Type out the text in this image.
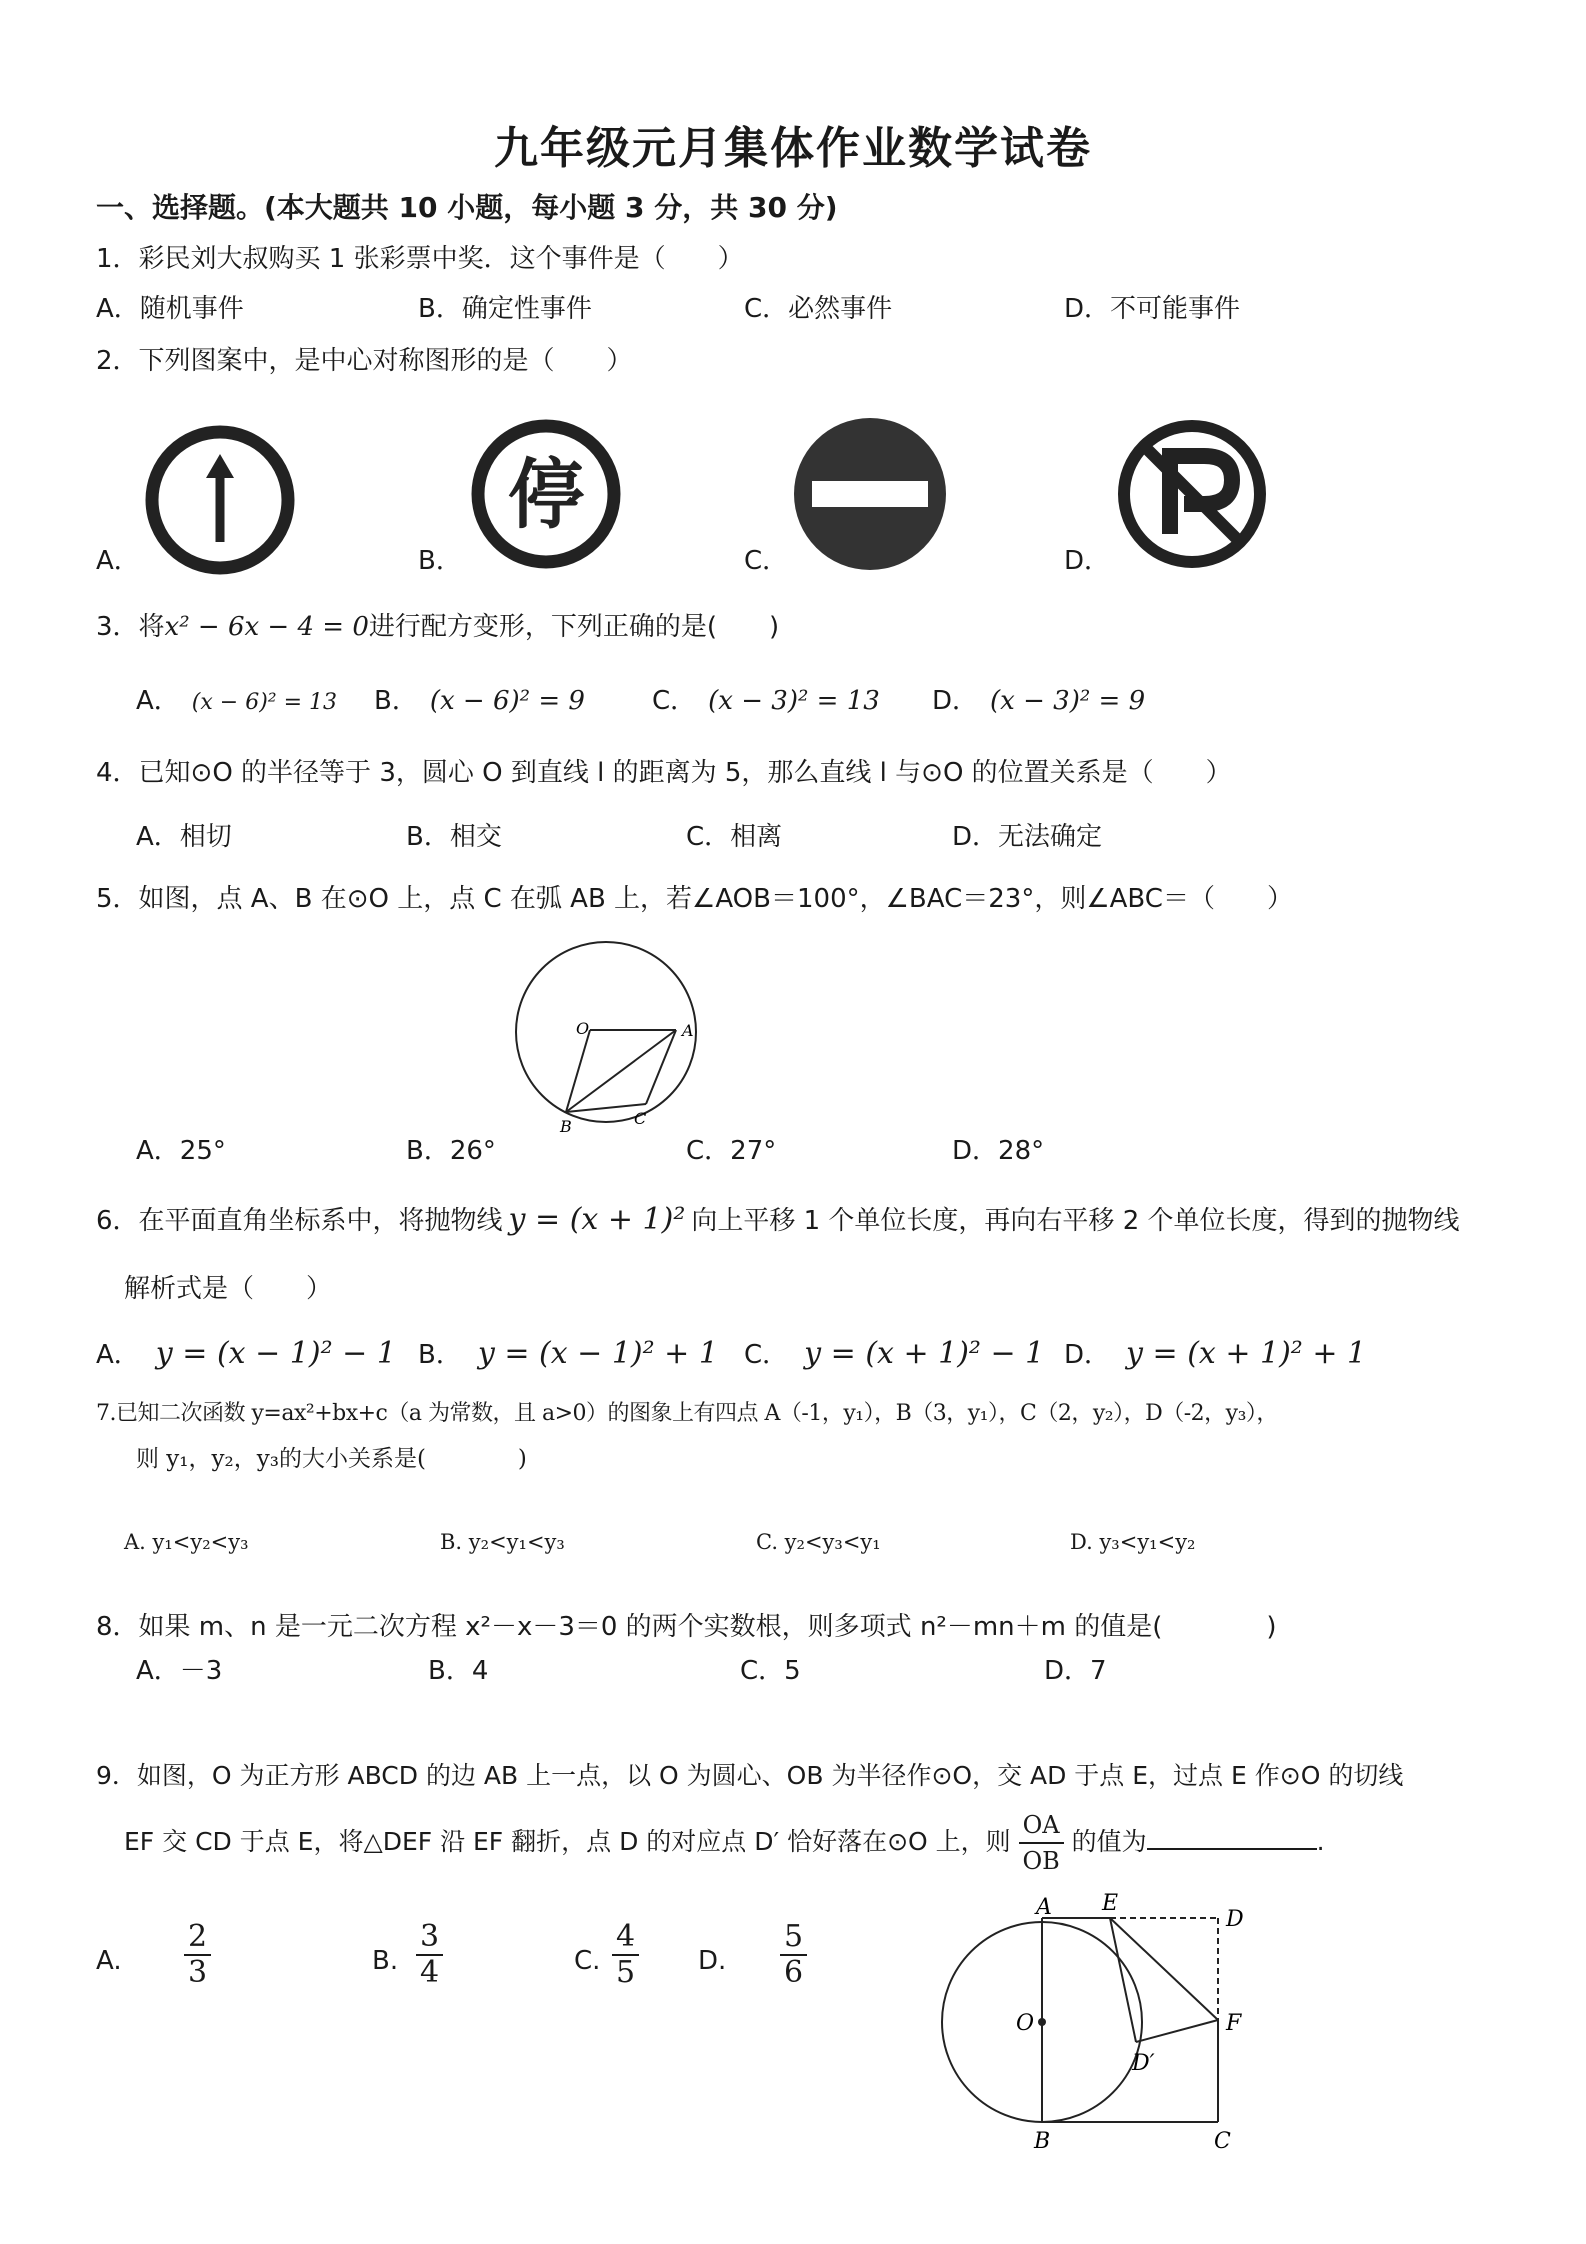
九年级元月集体作业数学试卷
一、选择题。(本大题共 10 小题，每小题 3 分，共 30 分)
1．彩民刘大叔购买 1 张彩票中奖．这个事件是（　　）
A．随机事件	B．确定性事件	C．必然事件	D．不可能事件
2．下列图案中，是中心对称图形的是（　　）
A．	B．	C．	D．
停
3．将x² − 6x − 4 = 0进行配方变形，下列正确的是(　　)
A． (x − 6)² = 13 B． (x − 6)² = 9	C． (x − 3)² = 13 D． (x − 3)² = 9
4．已知⊙O 的半径等于 3，圆心 O 到直线 l 的距离为 5，那么直线 l 与⊙O 的位置关系是（　　）
A．相切	B．相交	C．相离	D．无法确定
5．如图，点 A、B 在⊙O 上，点 C 在弧 AB 上，若∠AOB＝100°，∠BAC＝23°，则∠ABC＝（　　）
O	A
B	C
A．25°	B．26°	C．27°	D．28°
6．在平面直角坐标系中，将抛物线 y = (x + 1)² 向上平移 1 个单位长度，再向右平移 2 个单位长度，得到的抛物线
解析式是（　　）
A． y = (x − 1)² − 1 B． y = (x − 1)² + 1 C． y = (x + 1)² − 1 D． y = (x + 1)² + 1
7.已知二次函数 y=ax²+bx+c（a 为常数，且 a>0）的图象上有四点 A（-1，y₁），B（3，y₁），C（2，y₂），D（-2，y₃），
则 y₁，y₂，y₃的大小关系是(　　　　)
A. y₁<y₂<y₃	B. y₂<y₁<y₃	C. y₂<y₃<y₁	D. y₃<y₁<y₂
8．如果 m、n 是一元二次方程 x²－x－3＝0 的两个实数根，则多项式 n²－mn＋m 的值是(　　　　)
A．－3	B．4	C．5	D．7
9．如图，O 为正方形 ABCD 的边 AB 上一点，以 O 为圆心、OB 为半径作⊙O，交 AD 于点 E，过点 E 作⊙O 的切线
EF 交 CD 于点 E，将△DEF 沿 EF 翻折，点 D 的对应点 D′ 恰好落在⊙O 上，则 $\frac{OA}{OB}$ 的值为	.
A. $\frac{2}{3}$	B. $\frac{3}{4}$	C. $\frac{4}{5} D$. $\frac{5}{6}$
A E
D
O	F
D′
B	C
